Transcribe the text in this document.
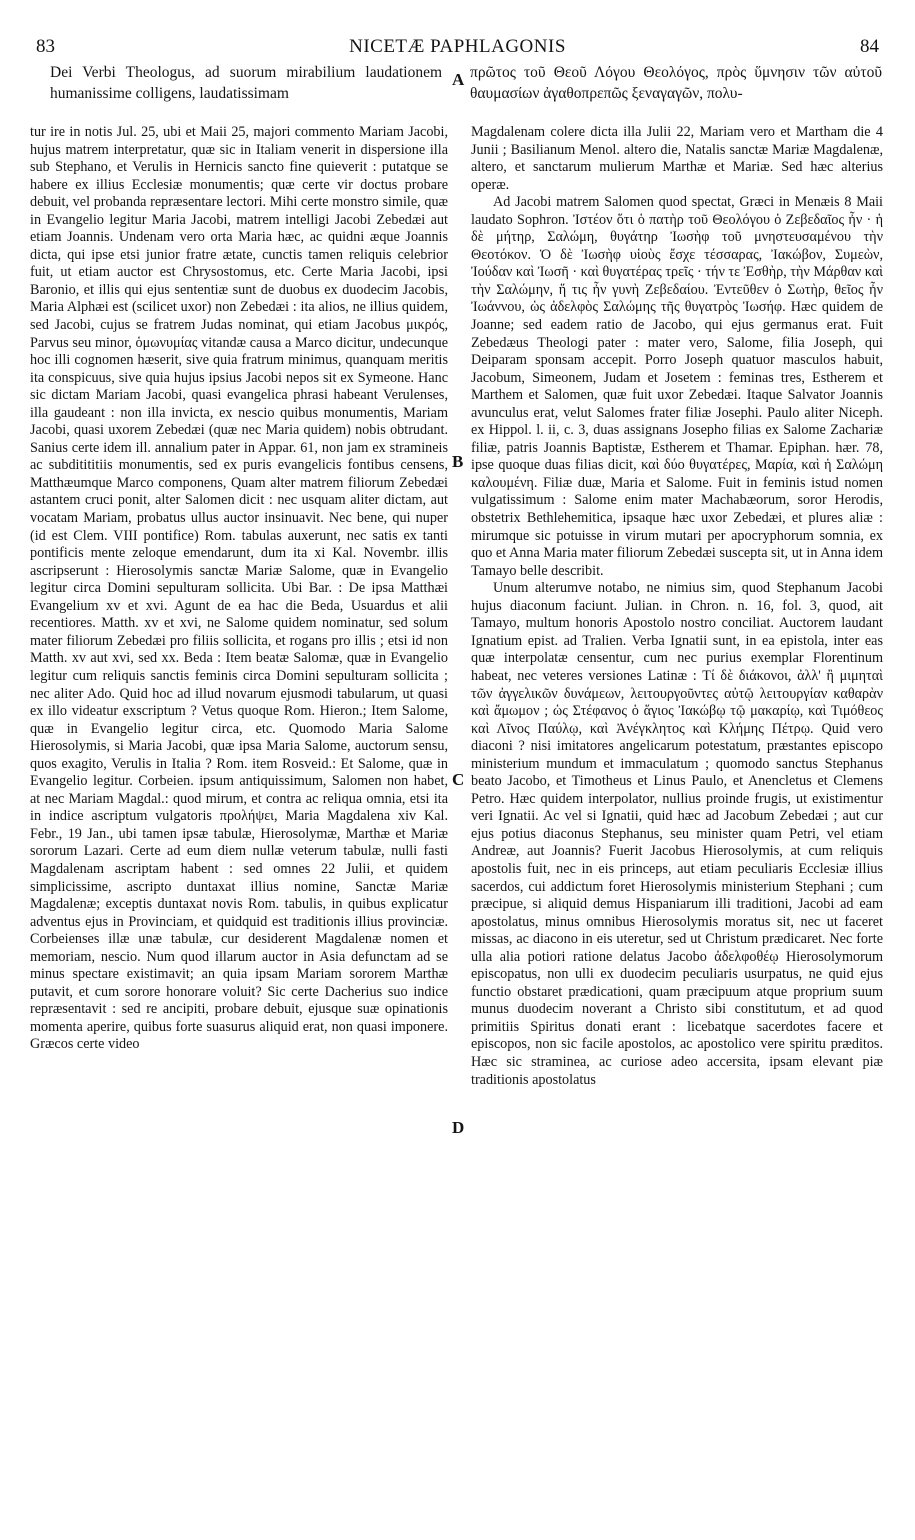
83	NICETÆ PAPHLAGONIS	84
Dei Verbi Theologus, ad suorum mirabilium laudationem humanissime colligens, laudatissimam
A πρῶτος τοῦ Θεοῦ Λόγου Θεολόγος, πρὸς ὕμνησιν τῶν αὐτοῦ θαυμασίων ἀγαθοπρεπῶς ξεναγαγῶν, πολυ-

tur ire in notis Jul. 25, ubi et Maii 25, majori commento Mariam Jacobi, hujus matrem interpretatur, quæ sic in Italiam venerit in dispersione illa sub Stephano, et Verulis in Hernicis sancto fine quieverit : putatque se habere ex illius Ecclesiæ monumentis; quæ certe vir doctus probare debuit, vel probanda repræsentare lectori. Mihi certe monstro simile, quæ in Evangelio legitur Maria Jacobi, matrem intelligi Jacobi Zebedæi aut etiam Joannis. Undenam vero orta Maria hæc, ac quidni æque Joannis dicta, qui ipse etsi junior fratre ætate, cunctis tamen reliquis celebrior fuit, ut etiam auctor est Chrysostomus, etc. Certe Maria Jacobi, ipsi Baronio, et illis qui ejus sententiæ sunt de duobus ex duodecim Jacobis, Maria Alphæi est (scilicet uxor) non Zebedæi : ita alios, ne illius quidem, sed Jacobi, cujus se fratrem Judas nominat, qui etiam Jacobus μικρός, Parvus seu minor, ὁμωνυμίας vitandæ causa a Marco dicitur, undecunque hoc illi cognomen hæserit, sive quia fratrum minimus, quanquam meritis ita conspicuus, sive quia hujus ipsius Jacobi nepos sit ex Symeone. Hanc sic dictam Mariam Jacobi, quasi evangelica phrasi habeant Verulenses, illa gaudeant : non illa invicta, ex nescio quibus monumentis, Mariam Jacobi, quasi uxorem Zebedæi (quæ nec Maria quidem) nobis obtrudant. Sanius certe idem ill. annalium pater in Appar. 61, non jam ex stramineis ac subditititiis monumentis, sed ex puris evangelicis fontibus censens, Matthæumque Marco componens, Quam alter matrem filiorum Zebedæi astantem cruci ponit, alter Salomen dicit : nec usquam aliter dictam, aut vocatam Mariam, probatus ullus auctor insinuavit. Nec bene, qui nuper (id est Clem. VIII pontifice) Rom. tabulas auxerunt, nec satis ex tanti pontificis mente zeloque emendarunt, dum ita xi Kal. Novembr. illis ascripserunt : Hierosolymis sanctæ Mariæ Salome, quæ in Evangelio legitur circa Domini sepulturam sollicita. Ubi Bar. : De ipsa Matthæi Evangelium xv et xvi. Agunt de ea hac die Beda, Usuardus et alii recentiores. Matth. xv et xvi, ne Salome quidem nominatur, sed solum mater filiorum Zebedæi pro filiis sollicita, et rogans pro illis ; etsi id non Matth. xv aut xvi, sed xx. Beda : Item beatæ Salomæ, quæ in Evangelio legitur cum reliquis sanctis feminis circa Domini sepulturam sollicita ; nec aliter Ado. Quid hoc ad illud novarum ejusmodi tabularum, ut quasi ex illo videatur exscriptum ? Vetus quoque Rom. Hieron.; Item Salome, quæ in Evangelio legitur circa, etc. Quomodo Maria Salome Hierosolymis, si Maria Jacobi, quæ ipsa Maria Salome, auctorum sensu, quos exagito, Verulis in Italia ? Rom. item Rosveid.: Et Salome, quæ in Evangelio legitur. Corbeien. ipsum antiquissimum, Salomen non habet, at nec Mariam Magdal.: quod mirum, et contra ac reliqua omnia, etsi ita in indice ascriptum vulgatoris προλήψει, Maria Magdalena xiv Kal. Febr., 19 Jan., ubi tamen ipsæ tabulæ, Hierosolymæ, Marthæ et Mariæ sororum Lazari. Certe ad eum diem nullæ veterum tabulæ, nulli fasti Magdalenam ascriptam habent : sed omnes 22 Julii, et quidem simplicissime, ascripto duntaxat illius nomine, Sanctæ Mariæ Magdalenæ; exceptis duntaxat novis Rom. tabulis, in quibus explicatur adventus ejus in Provinciam, et quidquid est traditionis illius provinciæ. Corbeienses illæ unæ tabulæ, cur desiderent Magdalenæ nomen et memoriam, nescio. Num quod illarum auctor in Asia defunctam ad se minus spectare existimavit; an quia ipsam Mariam sororem Marthæ putavit, et cum sorore honorare voluit? Sic certe Dacherius suo indice repræsentavit : sed re ancipiti, probare debuit, ejusque suæ opinationis momenta aperire, quibus forte suasurus aliquid erat, non quasi imponere. Græcos certe video

B
C
D

Magdalenam colere dicta illa Julii 22, Mariam vero et Martham die 4 Junii ; Basilianum Menol. altero die, Natalis sanctæ Mariæ Magdalenæ, altero, et sanctarum mulierum Marthæ et Mariæ. Sed hæc alterius operæ.

Ad Jacobi matrem Salomen quod spectat, Græci in Menæis 8 Maii laudato Sophron. Ἰστέον ὅτι ὁ πατὴρ τοῦ Θεολόγου ὁ Ζεβεδαῖος ἦν · ἡ δὲ μήτηρ, Σαλώμη, θυγάτηρ Ἰωσὴφ τοῦ μνηστευσαμένου τὴν Θεοτόκον. Ὁ δὲ Ἰωσὴφ υἱοὺς ἔσχε τέσσαρας, Ἰακώβον, Συμεὼν, Ἰούδαν καὶ Ἰωσῆ · καὶ θυγατέρας τρεῖς · τήν τε Ἐσθὴρ, τὴν Μάρθαν καὶ τὴν Σαλώμην, ἥ τις ἦν γυνὴ Ζεβεδαίου. Ἐντεῦθεν ὁ Σωτὴρ, θεῖος ἦν Ἰωάννου, ὡς ἀδελφὸς Σαλώμης τῆς θυγατρὸς Ἰωσήφ. Hæc quidem de Joanne; sed eadem ratio de Jacobo, qui ejus germanus erat. Fuit Zebedæus Theologi pater : mater vero, Salome, filia Joseph, qui Deiparam sponsam accepit. Porro Joseph quatuor masculos habuit, Jacobum, Simeonem, Judam et Josetem : feminas tres, Estherem et Marthem et Salomen, quæ fuit uxor Zebedæi. Itaque Salvator Joannis avunculus erat, velut Salomes frater filiæ Josephi. Paulo aliter Niceph. ex Hippol. l. ii, c. 3, duas assignans Josepho filias ex Salome Zachariæ filiæ, patris Joannis Baptistæ, Estherem et Thamar. Epiphan. hær. 78, ipse quoque duas filias dicit, καὶ δύο θυγατέρες, Μαρία, καὶ ἡ Σαλώμη καλουμένη. Filiæ duæ, Maria et Salome. Fuit in feminis istud nomen vulgatissimum : Salome enim mater Machabæorum, soror Herodis, obstetrix Bethlehemitica, ipsaque hæc uxor Zebedæi, et plures aliæ : mirumque sic potuisse in virum mutari per apocryphorum somnia, ex quo et Anna Maria mater filiorum Zebedæi suscepta sit, ut in Anna idem Tamayo belle describit.

Unum alterumve notabo, ne nimius sim, quod Stephanum Jacobi hujus diaconum faciunt. Julian. in Chron. n. 16, fol. 3, quod, ait Tamayo, multum honoris Apostolo nostro conciliat. Auctorem laudant Ignatium epist. ad Tralien. Verba Ignatii sunt, in ea epistola, inter eas quæ interpolatæ censentur, cum nec purius exemplar Florentinum habeat, nec veteres versiones Latinæ : Τί δὲ διάκονοι, ἀλλ' ἢ μιμηταὶ τῶν ἀγγελικῶν δυνάμεων, λειτουργοῦντες αὐτῷ λειτουργίαν καθαρὰν καὶ ἄμωμον ; ὡς Στέφανος ὁ ἅγιος Ἰακώβῳ τῷ μακαρίῳ, καὶ Τιμόθεος καὶ Λῖνος Παύλῳ, καὶ Ἀνέγκλητος καὶ Κλήμης Πέτρῳ. Quid vero diaconi ? nisi imitatores angelicarum potestatum, præstantes episcopo ministerium mundum et immaculatum ; quomodo sanctus Stephanus beato Jacobo, et Timotheus et Linus Paulo, et Anencletus et Clemens Petro. Hæc quidem interpolator, nullius proinde frugis, ut existimentur veri Ignatii. Ac vel si Ignatii, quid hæc ad Jacobum Zebedæi ; aut cur ejus potius diaconus Stephanus, seu minister quam Petri, vel etiam Andreæ, aut Joannis? Fuerit Jacobus Hierosolymis, at cum reliquis apostolis fuit, nec in eis princeps, aut etiam peculiaris Ecclesiæ illius sacerdos, cui addictum foret Hierosolymis ministerium Stephani ; cum præcipue, si aliquid demus Hispaniarum illi traditioni, Jacobi ad eam apostolatus, minus omnibus Hierosolymis moratus sit, nec ut faceret missas, ac diacono in eis uteretur, sed ut Christum prædicaret. Nec forte ulla alia potiori ratione delatus Jacobo ἀδελφοθέῳ Hierosolymorum episcopatus, non ulli ex duodecim peculiaris usurpatus, ne quid ejus functio obstaret prædicationi, quam præcipuum atque proprium suum munus duodecim noverant a Christo sibi constitutum, et ad quod primitiis Spiritus donati erant : licebatque sacerdotes facere et episcopos, non sic facile apostolos, ac apostolico vere spiritu præditos. Hæc sic straminea, ac curiose adeo accersita, ipsam elevant piæ traditionis apostolatus
